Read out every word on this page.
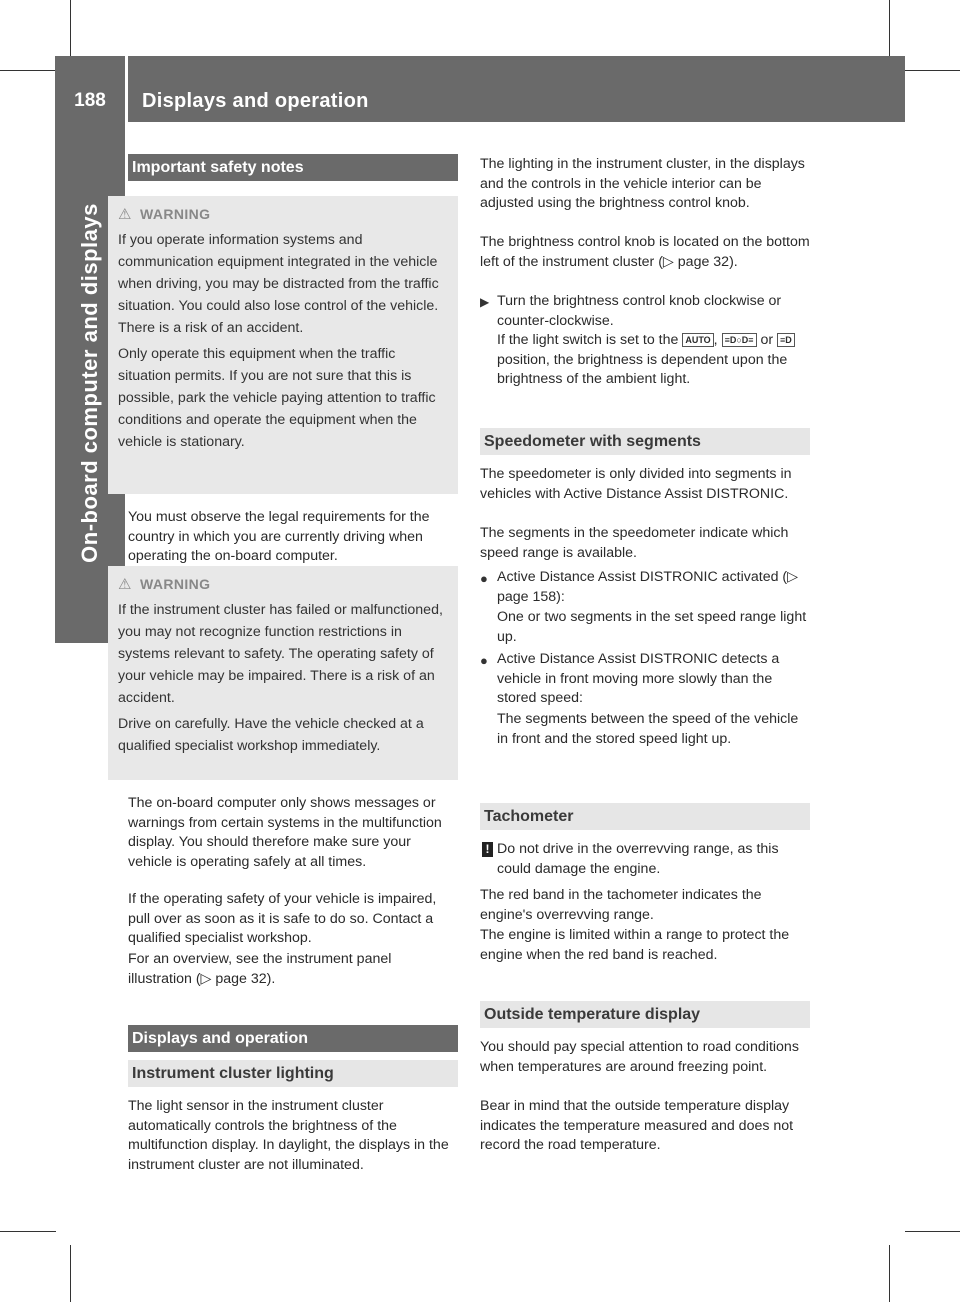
188	Displays and operation
On-board computer and displays
Important safety notes
⚠ WARNING

If you operate information systems and communication equipment integrated in the vehicle when driving, you may be distracted from the traffic situation. You could also lose control of the vehicle. There is a risk of an accident.

Only operate this equipment when the traffic situation permits. If you are not sure that this is possible, park the vehicle paying attention to traffic conditions and operate the equipment when the vehicle is stationary.

You must observe the legal requirements for the country in which you are currently driving when operating the on-board computer.

⚠ WARNING

If the instrument cluster has failed or malfunctioned, you may not recognize function restrictions in systems relevant to safety. The operating safety of your vehicle may be impaired. There is a risk of an accident.

Drive on carefully. Have the vehicle checked at a qualified specialist workshop immediately.

The on-board computer only shows messages or warnings from certain systems in the multifunction display. You should therefore make sure your vehicle is operating safely at all times.

If the operating safety of your vehicle is impaired, pull over as soon as it is safe to do so. Contact a qualified specialist workshop.

For an overview, see the instrument panel illustration (▷ page 32).

Displays and operation
Instrument cluster lighting

The light sensor in the instrument cluster automatically controls the brightness of the multifunction display. In daylight, the displays in the instrument cluster are not illuminated.

The lighting in the instrument cluster, in the displays and the controls in the vehicle interior can be adjusted using the brightness control knob.

The brightness control knob is located on the bottom left of the instrument cluster (▷ page 32).

▶ Turn the brightness control knob clockwise or counter-clockwise.
If the light switch is set to the AUTO , ≡D○D≡ or ≡D position, the brightness is dependent upon the brightness of the ambient light.
Speedometer with segments

The speedometer is only divided into segments in vehicles with Active Distance Assist DISTRONIC.

The segments in the speedometer indicate which speed range is available.

● Active Distance Assist DISTRONIC activated (▷ page 158):

One or two segments in the set speed range light up.

● Active Distance Assist DISTRONIC detects a vehicle in front moving more slowly than the stored speed:

The segments between the speed of the vehicle in front and the stored speed light up.

Tachometer
! Do not drive in the overrevving range, as this could damage the engine.

The red band in the tachometer indicates the engine's overrevving range.

The engine is limited within a range to protect the engine when the red band is reached.

Outside temperature display

You should pay special attention to road conditions when temperatures are around freezing point.

Bear in mind that the outside temperature display indicates the temperature measured and does not record the road temperature.
